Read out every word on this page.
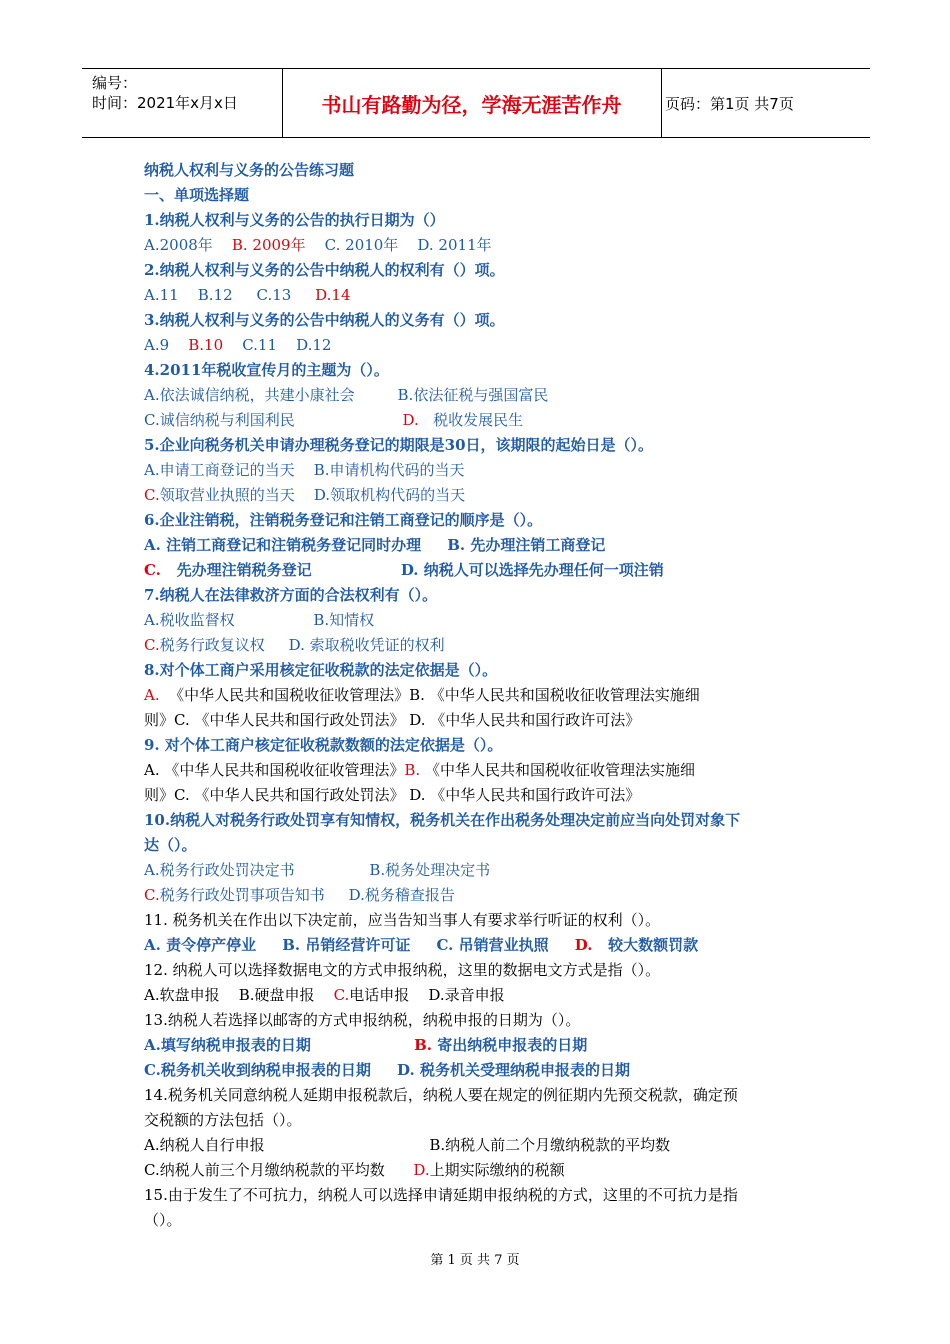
编号：
时间：2021年x月x日	书山有路勤为径，学海无涯苦作舟	页码：第1页 共7页
纳税人权利与义务的公告练习题
一、单项选择题
1.纳税人权利与义务的公告的执行日期为（）
A.2008年 B. 2009年 C. 2010年 D. 2011年
2.纳税人权利与义务的公告中纳税人的权利有（）项。
A.11 B.12 C.13 D.14
3.纳税人权利与义务的公告中纳税人的义务有（）项。
A.9 B.10 C.11 D.12
4.2011年税收宣传月的主题为（）。
A.依法诚信纳税，共建小康社会	B.依法征税与强国富民
C.诚信纳税与利国利民	D. 税收发展民生
5.企业向税务机关申请办理税务登记的期限是30日，该期限的起始日是（）。
A.申请工商登记的当天 B.申请机构代码的当天
C.领取营业执照的当天 D.领取机构代码的当天
6.企业注销税，注销税务登记和注销工商登记的顺序是（）。
A. 注销工商登记和注销税务登记同时办理 B. 先办理注销工商登记
C. 先办理注销税务登记	D. 纳税人可以选择先办理任何一项注销
7.纳税人在法律救济方面的合法权利有（）。
A.税收监督权	B.知情权
C.税务行政复议权 D. 索取税收凭证的权利
8.对个体工商户采用核定征收税款的法定依据是（）。
A. 《中华人民共和国税收征收管理法》B. 《中华人民共和国税收征收管理法实施细
则》C. 《中华人民共和国行政处罚法》 D. 《中华人民共和国行政许可法》
9. 对个体工商户核定征收税款数额的法定依据是（）。
A. 《中华人民共和国税收征收管理法》B. 《中华人民共和国税收征收管理法实施细
则》C. 《中华人民共和国行政处罚法》 D. 《中华人民共和国行政许可法》
10.纳税人对税务行政处罚享有知情权，税务机关在作出税务处理决定前应当向处罚对象下
达（）。
A.税务行政处罚决定书	B.税务处理决定书
C.税务行政处罚事项告知书 D.税务稽查报告
11. 税务机关在作出以下决定前，应当告知当事人有要求举行听证的权利（）。
A. 责令停产停业 B. 吊销经营许可证 C. 吊销营业执照 D. 较大数额罚款
12. 纳税人可以选择数据电文的方式申报纳税，这里的数据电文方式是指（）。
A.软盘申报 B.硬盘申报 C.电话申报 D.录音申报
13.纳税人若选择以邮寄的方式申报纳税，纳税申报的日期为（）。
A.填写纳税申报表的日期	B. 寄出纳税申报表的日期
C.税务机关收到纳税申报表的日期 D. 税务机关受理纳税申报表的日期
14.税务机关同意纳税人延期申报税款后，纳税人要在规定的例征期内先预交税款，确定预
交税额的方法包括（）。
A.纳税人自行申报	B.纳税人前二个月缴纳税款的平均数
C.纳税人前三个月缴纳税款的平均数 D.上期实际缴纳的税额
15.由于发生了不可抗力，纳税人可以选择申请延期申报纳税的方式，这里的不可抗力是指
（）。
第 1 页 共 7 页
